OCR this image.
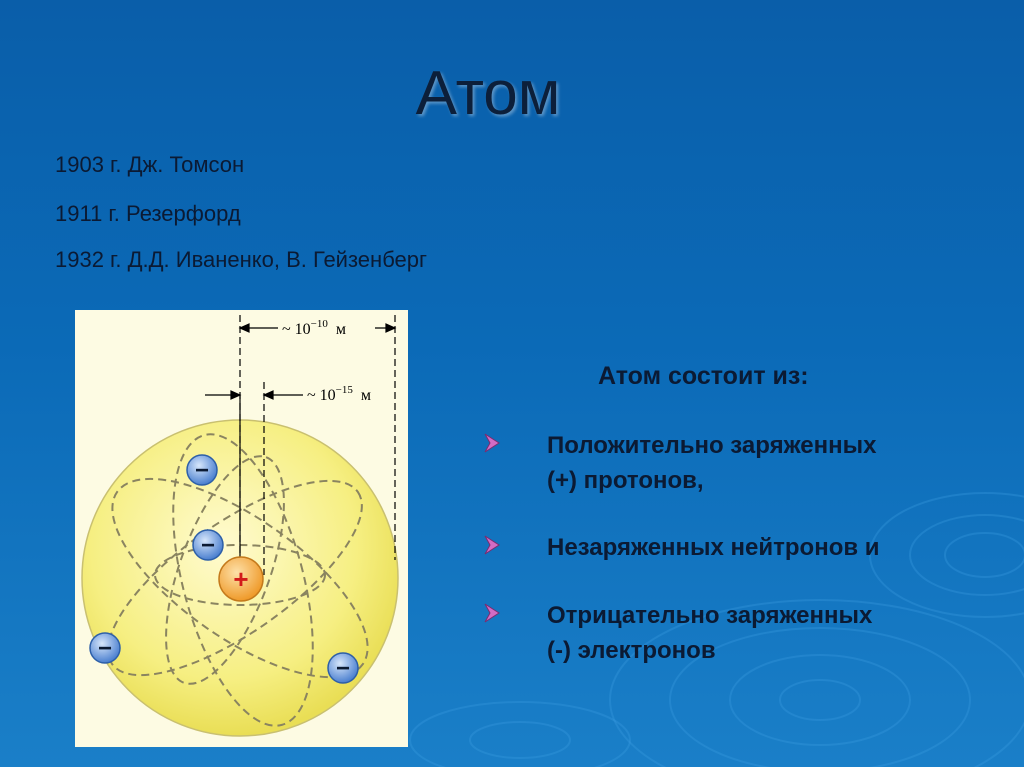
Атом
1903 г. Дж. Томсон
1911 г. Резерфорд
1932 г. Д.Д. Иваненко, В. Гейзенберг
~ $10^{-10}$ м
~ $10^{-15}$ м
+
−
−
−
−
Атом состоит из:
Положительно заряженных
(+) протонов,
Незаряженных нейтронов и
Отрицательно заряженных
(-) электронов
